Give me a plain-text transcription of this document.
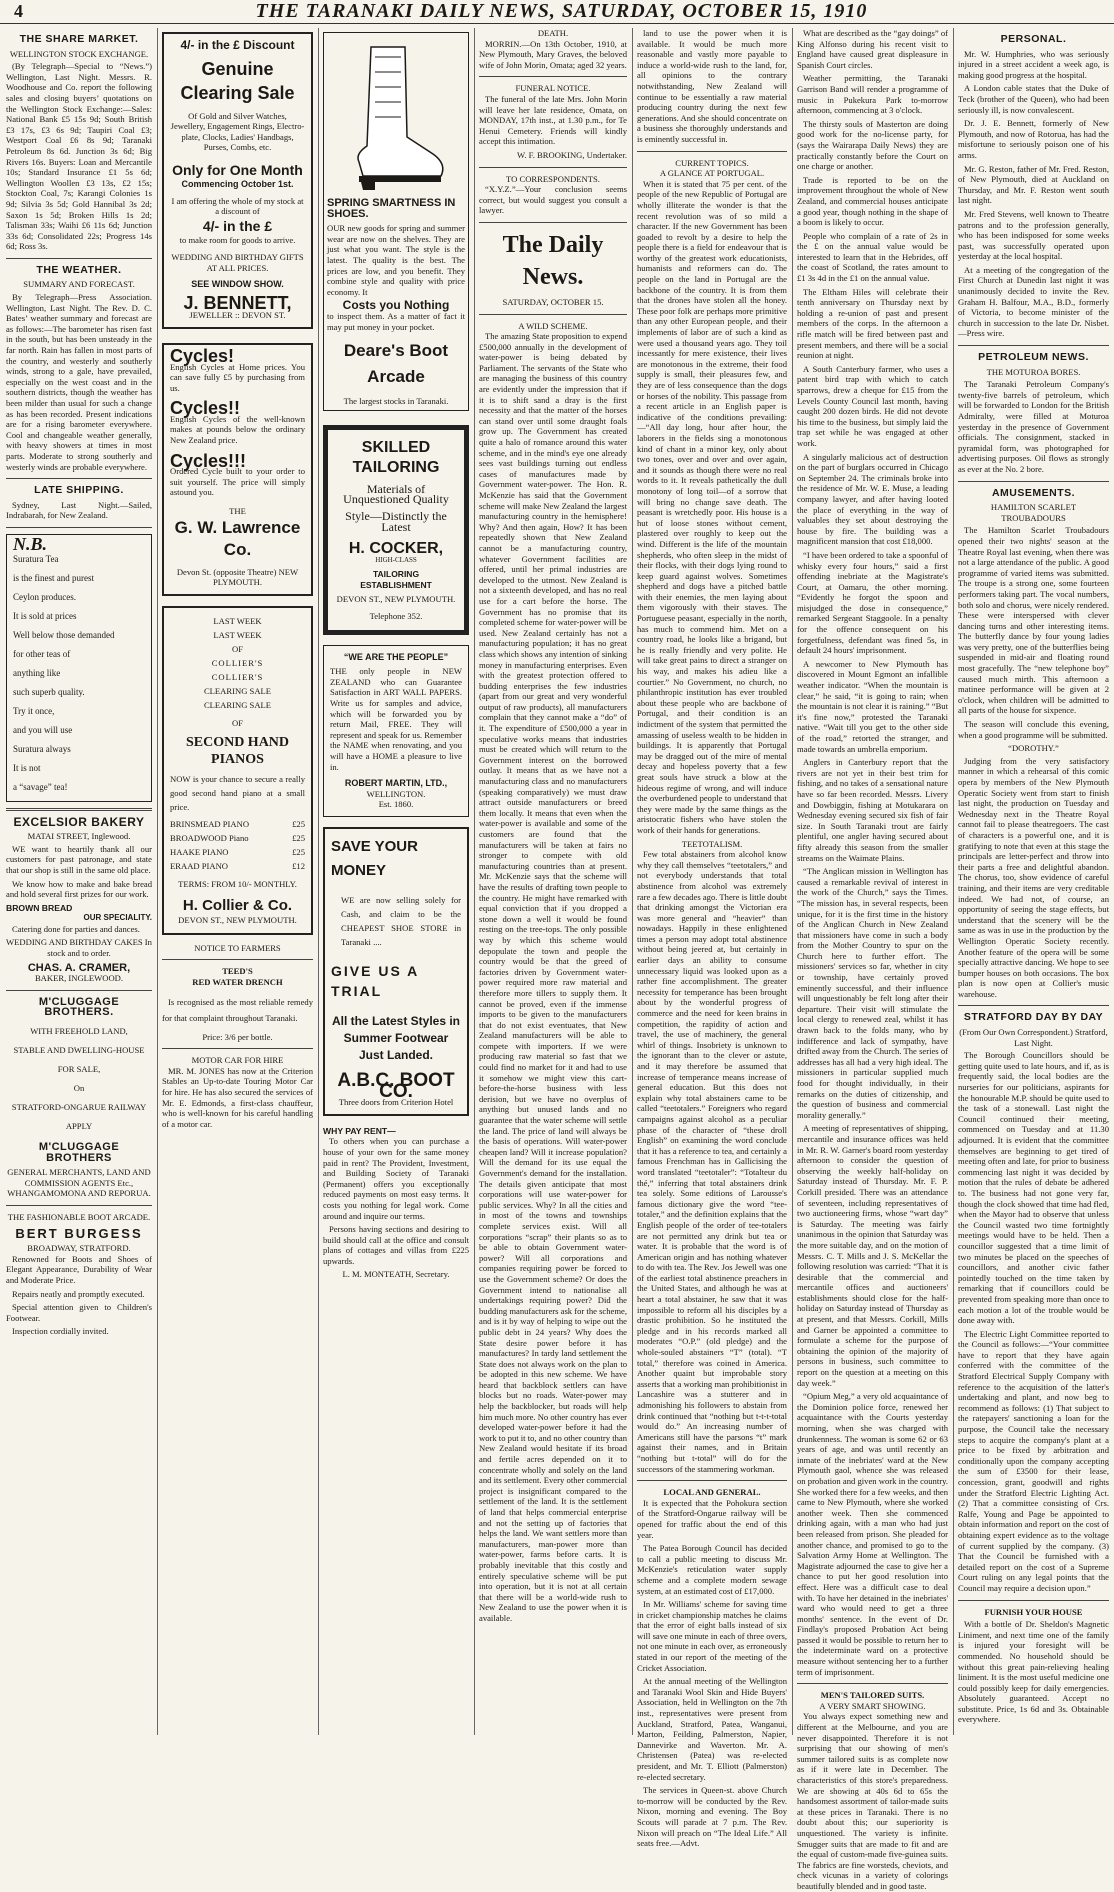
4	THE TARANAKI DAILY NEWS, SATURDAY, OCTOBER 15, 1910
THE SHARE MARKET.
WELLINGTON STOCK EXCHANGE.

(By Telegraph—Special to “News.”) Wellington, Last Night. Messrs. R. Woodhouse and Co. report the following sales and closing buyers’ quotations on the Wellington Stock Exchange:—Sales: National Bank £5 15s 9d; South British £3 17s, £3 6s 9d; Taupiri Coal £3; Westport Coal £6 8s 9d; Taranaki Petroleum 8s 6d. Junction 3s 6d; Big Rivers 16s. Buyers: Loan and Mercantile 10s; Standard Insurance £1 5s 6d; Wellington Woollen £3 13s, £2 15s; Stockton Coal, 7s; Karangi Colonies 1s 9d; Silvia 3s 5d; Gold Hannibal 3s 2d; Saxon 1s 5d; Broken Hills 1s 2d; Talisman 33s; Waihi £6 11s 6d; Junction 33s 6d; Consolidated 22s; Progress 14s 6d; Ross 3s.

THE WEATHER.
SUMMARY AND FORECAST.

By Telegraph—Press Association. Wellington, Last Night. The Rev. D. C. Bates’ weather summary and forecast are as follows:—The barometer has risen fast in the south, but has been unsteady in the far north. Rain has fallen in most parts of the country, and westerly and southerly winds, strong to a gale, have prevailed, especially on the west coast and in the southern districts, though the weather has been milder than usual for such a change as has been recorded. Present indications are for a rising barometer everywhere. Cool and changeable weather generally, with heavy showers at times in most parts. Moderate to strong southerly and westerly winds are probable everywhere.

LATE SHIPPING.

Sydney, Last Night.—Sailed, Indrabarah, for New Zealand.

N.B.
Suratura Tea
is the finest and purest
Ceylon produces.
It is sold at prices
Well below those demanded
for other teas of
anything like
such superb quality.
Try it once,
and you will use
Suratura always
It is not
a “savage” tea!
EXCELSIOR BAKERY
MATAI STREET, Inglewood.

WE want to heartily thank all our customers for past patronage, and state that our shop is still in the same old place.

We know how to make and bake bread and hold several first prizes for our work.

BROWN BREAD
OUR SPECIALITY.

Catering done for parties and dances.

WEDDING AND BIRTHDAY CAKES In stock and to order.
CHAS. A. CRAMER,
BAKER, INGLEWOOD.
M'CLUGGAGE BROTHERS.
WITH FREEHOLD LAND,
STABLE AND DWELLING-HOUSE
FOR SALE,
On
STRATFORD-ONGARUE RAILWAY
APPLY
M'CLUGGAGE BROTHERS
GENERAL MERCHANTS, LAND AND COMMISSION AGENTS Etc., WHANGAMOMONA AND REPORUA.
THE FASHIONABLE BOOT ARCADE.
BERT BURGESS
BROADWAY, STRATFORD.

Renowned for Boots and Shoes of Elegant Appearance, Durability of Wear and Moderate Price.

Repairs neatly and promptly executed.

Special attention given to Children's Footwear.

Inspection cordially invited.

4/- in the £ Discount
Genuine Clearing Sale
Of Gold and Silver Watches, Jewellery, Engagement Rings, Electro-plate, Clocks, Ladies' Handbags, Purses, Combs, etc.
Only for One Month
Commencing October 1st.
I am offering the whole of my stock at a discount of
4/- in the £
to make room for goods to arrive.
WEDDING AND BIRTHDAY GIFTS AT ALL PRICES.
SEE WINDOW SHOW.
J. BENNETT,
JEWELLER :: DEVON ST.
Cycles!

English Cycles at Home prices. You can save fully £5 by purchasing from us.

Cycles!!

English Cycles of the well-known makes at pounds below the ordinary New Zealand price.

Cycles!!!

Ordered Cycle built to your order to suit yourself. The price will simply astound you.

THE
G. W. Lawrence Co.
Devon St. (opposite Theatre) NEW PLYMOUTH.
LAST WEEK
LAST WEEK
OF
COLLIER'S
COLLIER'S
CLEARING SALE
CLEARING SALE
OF
SECOND HAND PIANOS

NOW is your chance to secure a really good second hand piano at a small price.

BRINSMEAD PIANO	£25
BROADWOOD Piano	£25
HAAKE PIANO	£25
ERAAD PIANO	£12
TERMS: FROM 10/- MONTHLY.
H. Collier & Co.
DEVON ST., NEW PLYMOUTH.
NOTICE TO FARMERS
TEED'S
RED WATER DRENCH

Is recognised as the most reliable remedy for that complaint throughout Taranaki.

Price: 3/6 per bottle.
MOTOR CAR FOR HIRE

MR. M. JONES has now at the Criterion Stables an Up-to-date Touring Motor Car for hire. He has also secured the services of Mr. E. Edmonds, a first-class chauffeur, who is well-known for his careful handling of a motor car.

SPRING SMARTNESS IN SHOES.

OUR new goods for spring and summer wear are now on the shelves. They are just what you want. The style is the latest. The quality is the best. The prices are low, and you benefit. They combine style and quality with price economy. It

Costs you Nothing

to inspect them. As a matter of fact it may put money in your pocket.

Deare's Boot Arcade
The largest stocks in Taranaki.
SKILLED TAILORING
Materials of Unquestioned Quality
Style—Distinctly the Latest
H. COCKER,
HIGH-CLASS
TAILORING ESTABLISHMENT
DEVON ST., NEW PLYMOUTH.
Telephone 352.
“WE ARE THE PEOPLE”

THE only people in NEW ZEALAND who can Guarantee Satisfaction in ART WALL PAPERS. Write us for samples and advice, which will be forwarded you by return Mail, FREE. They will represent and speak for us. Remember the NAME when renovating, and you will have a HOME a pleasure to live in.

ROBERT MARTIN, LTD.,
WELLINGTON.
Est. 1860.
SAVE YOUR MONEY

WE are now selling solely for Cash, and claim to be the CHEAPEST SHOE STORE in Taranaki ....

GIVE US A TRIAL
All the Latest Styles in Summer Footwear Just Landed.
A.B.C. BOOT CO.
Three doors from Criterion Hotel
WHY PAY RENT—

To others when you can purchase a house of your own for the same money paid in rent? The Provident, Investment, and Building Society of Taranaki (Permanent) offers you exceptionally reduced payments on most easy terms. It costs you nothing for legal work. Come around and inquire our terms.

Persons having sections and desiring to build should call at the office and consult plans of cottages and villas from £225 upwards.

L. M. MONTEATH, Secretary.
DEATH.

MORRIN.—On 13th October, 1910, at New Plymouth, Mary Graves, the beloved wife of John Morin, Omata; aged 32 years.

FUNERAL NOTICE.

The funeral of the late Mrs. John Morin will leave her late residence, Omata, on MONDAY, 17th inst., at 1.30 p.m., for Te Henui Cemetery. Friends will kindly accept this intimation.

W. F. BROOKING, Undertaker.
TO CORRESPONDENTS.

“X.Y.Z.”—Your conclusion seems correct, but would suggest you consult a lawyer.

The Daily News.
SATURDAY, OCTOBER 15.
A WILD SCHEME.

The amazing State proposition to expend £500,000 annually in the development of water-power is being debated by Parliament. The servants of the State who are managing the business of this country are evidently under the impression that if it is to shift sand a dray is the first necessity and that the matter of the horses can stand over until some draught foals grow up. The Government has created quite a halo of romance around this water scheme, and in the mind's eye one already sees vast buildings turning out endless cases of manufactures made by Government water-power. The Hon. R. McKenzie has said that the Government scheme will make New Zealand the largest manufacturing country in the hemisphere! Why? And then again, How? It has been repeatedly shown that New Zealand cannot be a manufacturing country, whatever Government facilities are offered, until her primal industries are developed to the utmost. New Zealand is not a sixteenth developed, and has no real use for a cart before the horse. The Government has no promise that its completed scheme for water-power will be used. New Zealand certainly has not a manufacturing population; it has no great class which shows any intention of sinking money in manufacturing enterprises. Even with the greatest protection offered to budding enterprises the few industries (apart from our great and very wonderful output of raw products), all manufacturers complain that they cannot make a “do” of it. The expenditure of £500,000 a year in speculative works means that industries must be created which will return to the Government interest on the borrowed outlay. It means that as we have not a manufacturing class and no manufacturers (speaking comparatively) we must draw attract outside manufacturers or breed them locally. It means that even when the water-power is available and some of the customers are found that the manufacturers will be taken at fairs no stronger to compete with old manufacturing countries than at present. Mr. McKenzie says that the scheme will have the results of drafting town people to the country. He might have remarked with equal conviction that if you dropped a stone down a well it would be found resting on the tree-tops. The only possible way by which this scheme would depopulate the town and people the country would be that the greed of factories driven by Government water-power required more raw material and therefore more tillers to supply them. It cannot be proved, even if the immense imports to be given to the manufacturers that do not exist eventuates, that New Zealand manufacturers will be able to compete with importers. If we were producing raw material so fast that we could find no market for it and had to use it somehow we might view this cart-before-the-horse business with less derision, but we have no overplus of anything but unused lands and no guarantee that the water scheme will settle the land. The price of land will always be the basis of operations. Will water-power cheapen land? Will it increase population? Will the demand for its use equal the Government's demand for the installation. The details given anticipate that most corporations will use water-power for public services. Why? In all the cities and in most of the towns and townships complete services exist. Will all corporations “scrap” their plants so as to be able to obtain Government water-power? Will all corporations and companies requiring power be forced to use the Government scheme? Or does the Government intend to nationalise all undertakings requiring power? Did the budding manufacturers ask for the scheme, and is it by way of helping to wipe out the public debt in 24 years? Why does the State desire power before it has manufactures? In tardy land settlement the State does not always work on the plan to be adopted in this new scheme. We have heard that backblock settlers can have blocks but no roads. Water-power may help the backblocker, but roads will help him much more. No other country has ever developed water-power before it had the work to put it to, and no other country than New Zealand would hesitate if its broad and fertile acres depended on it to concentrate wholly and solely on the land and its settlement. Every other commercial project is insignificant compared to the settlement of the land. It is the settlement of land that helps commercial enterprise and not the setting up of factories that helps the land. We want settlers more than manufacturers, man-power more than water-power, farms before carts. It is probably inevitable that this costly and entirely speculative scheme will be put into operation, but it is not at all certain that there will be a world-wide rush to New Zealand to use the power when it is available.

land to use the power when it is available. It would be much more reasonable and vastly more payable to induce a world-wide rush to the land, for, all opinions to the contrary notwithstanding, New Zealand will continue to be essentially a raw material producing country during the next few generations. And she should concentrate on a business she thoroughly understands and is eminently successful in.

CURRENT TOPICS.
A GLANCE AT PORTUGAL.

When it is stated that 75 per cent. of the people of the new Republic of Portugal are wholly illiterate the wonder is that the recent revolution was of so mild a character. If the new Government has been goaded to revolt by a desire to help the people there is a field for endeavour that is worthy of the greatest work educationists, humanists and reformers can do. The people on the land in Portugal are the backbone of the country. It is from them that the drones have stolen all the honey. These poor folk are perhaps more primitive than any other European people, and their implements of labor are of such a kind as were used a thousand years ago. They toil incessantly for mere existence, their lives are monotonous in the extreme, their food supply is small, their pleasures few, and they are of less consequence than the dogs or horses of the nobility. This passage from a recent article in an English paper is indicative of the conditions prevailing:—“All day long, hour after hour, the laborers in the fields sing a monotonous kind of chant in a minor key, only about two tones, over and over and over again, and it sounds as though there were no real words to it. It reveals pathetically the dull monotony of long toil—of a sorrow that will bring no change save death. The peasant is wretchedly poor. His house is a hut of loose stones without cement, plastered over roughly to keep out the wind. Different is the life of the mountain shepherds, who often sleep in the midst of their flocks, with their dogs lying round to keep guard against wolves. Sometimes shepherd and dogs have a pitched battle with their enemies, the men laying about them vigorously with their staves. The Portuguese peasant, especially in the north, has much to commend him. Met on a country road, he looks like a brigand, but he is really friendly and very polite. He will take great pains to direct a stranger on his way, and makes his adieu like a courtier.” No Government, no church, no philanthropic institution has ever troubled about these people who are backbone of Portugal, and their condition is an indictment of the system that permitted the amassing of useless wealth to be hidden in buildings. It is apparently that Portugal may be dragged out of the mire of mental decay and hopeless poverty that a few great souls have struck a blow at the hideous regime of wrong, and will induce the overburdened people to understand that they were made by the same things as the aristocratic fishers who have stolen the work of their hands for generations.

TEETOTALISM.

Few total abstainers from alcohol know why they call themselves “teetotalers,” and not everybody understands that total abstinence from alcohol was extremely rare a few decades ago. There is little doubt that drinking amongst the Victorian era was more general and “heavier” than nowadays. Happily in these enlightened times a person may adopt total abstinence without being jeered at, but certainly in earlier days an ability to consume unnecessary liquid was looked upon as a rather fine accomplishment. The greater necessity for temperance has been brought about by the wonderful progress of commerce and the need for keen brains in competition, the rapidity of action and travel, the use of machinery, the general whirl of things. Insobriety is unknown to the ignorant than to the clever or astute, and it may therefore be assumed that increase of temperance means increase of general education. But this does not explain why total abstainers came to be called “teetotalers.” Foreigners who regard campaigns against alcohol as a peculiar phase of the character of “these droll English” on examining the word conclude that it has a reference to tea, and certainly a famous Frenchman has in Gallicising the word translated “teetotaler”: “Totalteur du thé,” inferring that total abstainers drink tea solely. Some editions of Larousse's famous dictionary give the word “tee-totaler,” and the definition explains that the English people of the order of tee-totalers are not permitted any drink but tea or water. It is probable that the word is of American origin and has nothing whatever to do with tea. The Rev. Jos Jewell was one of the earliest total abstinence preachers in the United States, and although he was at heart a total abstainer, he saw that it was impossible to reform all his disciples by a drastic prohibition. So he instituted the pledge and in his records marked all moderates “O.P.” (old pledge) and the whole-souled abstainers “T” (total). “T total,” therefore was coined in America. Another quaint but improbable story asserts that a working man prohibitionist in Lancashire was a stutterer and in admonishing his followers to abstain from drink continued that “nothing but t-t-t-total would do.” An increasing number of Americans still have the parsons “t” mark against their names, and in Britain “nothing but t-total” will do for the successors of the stammering workman.

LOCAL AND GENERAL.

It is expected that the Pohokura section of the Stratford-Ongarue railway will be opened for traffic about the end of this year.

The Patea Borough Council has decided to call a public meeting to discuss Mr. McKenzie's reticulation water supply scheme and a complete modern sewage system, at an estimated cost of £17,000.

In Mr. Williams' scheme for saving time in cricket championship matches he claims that the error of eight balls instead of six will save one minute in each of three overs, not one minute in each over, as erroneously stated in our report of the meeting of the Cricket Association.

At the annual meeting of the Wellington and Taranaki Wool Skin and Hide Buyers' Association, held in Wellington on the 7th inst., representatives were present from Auckland, Stratford, Patea, Wanganui, Marton, Feilding, Palmerston, Napier, Dannevirke and Waverton. Mr. A. Christensen (Patea) was re-elected president, and Mr. T. Elliott (Palmerston) re-elected secretary.

The services in Queen-st. above Church to-morrow will be conducted by the Rev. Nixon, morning and evening. The Boy Scouts will parade at 7 p.m. The Rev. Nixon will preach on “The Ideal Life.” All seats free.—Advt.

What are described as the “gay doings” of King Alfonso during his recent visit to England have caused great displeasure in Spanish Court circles.

Weather permitting, the Taranaki Garrison Band will render a programme of music in Pukekura Park to-morrow afternoon, commencing at 3 o'clock.

The thirsty souls of Masterton are doing good work for the no-license party, for (says the Wairarapa Daily News) they are practically constantly before the Court on one charge or another.

Trade is reported to be on the improvement throughout the whole of New Zealand, and commercial houses anticipate a good year, though nothing in the shape of a boom is likely to occur.

People who complain of a rate of 2s in the £ on the annual value would be interested to learn that in the Hebrides, off the coast of Scotland, the rates amount to £1 3s 4d in the £1 on the annual value.

The Eltham Hiles will celebrate their tenth anniversary on Thursday next by holding a re-union of past and present members of the corps. In the afternoon a rifle match will be fired between past and present members, and there will be a social reunion at night.

A South Canterbury farmer, who uses a patent bird trap with which to catch sparrows, drew a cheque for £15 from the Levels County Council last month, having caught 200 dozen birds. He did not devote his time to the business, but simply laid the trap set while he was engaged at other work.

A singularly malicious act of destruction on the part of burglars occurred in Chicago on September 24. The criminals broke into the residence of Mr. W. E. Muse, a leading company lawyer, and after having looted the place of everything in the way of valuables they set about destroying the house by fire. The building was a magnificent mansion that cost £18,000.

“I have been ordered to take a spoonful of whisky every four hours,” said a first offending inebriate at the Magistrate's Court, at Oamaru, the other morning. “Evidently he forgot the spoon and misjudged the dose in consequence,” remarked Sergeant Staggoole. In a penalty for the offence consequent on his forgetfulness, defendant was fined 5s, in default 24 hours' imprisonment.

A newcomer to New Plymouth has discovered in Mount Egmont an infallible weather indicator. “When the mountain is clear,” he said, “it is going to rain; when the mountain is not clear it is raining.” “But it's fine now,” protested the Taranaki native. “Wait till you get to the other side of the road,” retorted the stranger, and made towards an umbrella emporium.

Anglers in Canterbury report that the rivers are not yet in their best trim for fishing, and no takes of a sensational nature have so far been recorded. Messrs. Livery and Dowbiggin, fishing at Motukarara on Wednesday evening secured six fish of fair size. In South Taranaki trout are fairly plentiful, one angler having secured about fifty already this season from the smaller streams on the Waimate Plains.

“The Anglican mission in Wellington has caused a remarkable revival of interest in the work of the Church,” says the Times. “The mission has, in several respects, been unique, for it is the first time in the history of the Anglican Church in New Zealand that missioners have come in such a body from the Mother Country to spur on the Church here to further effort. The missioners' services so far, whether in city or township, have certainly proved eminently successful, and their influence will unquestionably be felt long after their departure. Their visit will stimulate the local clergy to renewed zeal, whilst it has drawn back to the folds many, who by indifference and lack of sympathy, have drifted away from the Church. The series of addresses has all had a very high ideal. The missioners in particular supplied much food for thought individually, in their remarks on the duties of citizenship, and the question of business and commercial morality generally.”

A meeting of representatives of shipping, mercantile and insurance offices was held in Mr. R. W. Garner's board room yesterday afternoon to consider the question of observing the weekly half-holiday on Saturday instead of Thursday. Mr. F. P. Corkill presided. There was an attendance of seventeen, including representatives of two auctioneering firms, whose “wart day” is Saturday. The meeting was fairly unanimous in the opinion that Saturday was the more suitable day, and on the motion of Messrs. C. T. Mills and J. S. McKellar the following resolution was carried: “That it is desirable that the commercial and mercantile offices and auctioneers' establishments should close for the half-holiday on Saturday instead of Thursday as at present, and that Messrs. Corkill, Mills and Garner be appointed a committee to formulate a scheme for the purpose of obtaining the opinion of the majority of persons in business, such committee to report on the question at a meeting on this day week.”

“Opium Meg,” a very old acquaintance of the Dominion police force, renewed her acquaintance with the Courts yesterday morning, when she was charged with drunkenness. The woman is some 62 or 63 years of age, and was until recently an inmate of the inebriates' ward at the New Plymouth gaol, whence she was released on probation and given work in the country. She worked there for a few weeks, and then came to New Plymouth, where she worked another week. Then she commenced drinking again, with a man who had just been released from prison. She pleaded for another chance, and promised to go to the Salvation Army Home at Wellington. The Magistrate adjourned the case to give her a chance to put her good resolution into effect. Here was a difficult case to deal with. To have her detained in the inebriates' ward who would need to get a three months' sentence. In the event of Dr. Findlay's proposed Probation Act being passed it would be possible to return her to the indeterminate ward on a protective measure without sentencing her to a further term of imprisonment.

MEN'S TAILORED SUITS.
A VERY SMART SHOWING.

You always expect something new and different at the Melbourne, and you are never disappointed. Therefore it is not surprising that our showing of men's summer tailored suits is as complete now as if it were late in December. The characteristics of this store's preparedness. We are showing at 40s 6d to 65s the handsomest assortment of tailor-made suits at these prices in Taranaki. There is no doubt about this; our superiority is unquestioned. The variety is infinite. Smugger suits that are made to fit and are the equal of custom-made five-guinea suits. The fabrics are fine worsteds, cheviots, and check vicunas in a variety of colorings beautifully blended and in good taste.

PERSONAL.

Mr. W. Humphries, who was seriously injured in a street accident a week ago, is making good progress at the hospital.

A London cable states that the Duke of Teck (brother of the Queen), who had been seriously ill, is now convalescent.

Dr. J. E. Bennett, formerly of New Plymouth, and now of Rotorua, has had the misfortune to seriously poison one of his arms.

Mr. G. Reston, father of Mr. Fred. Reston, of New Plymouth, died at Auckland on Thursday, and Mr. F. Reston went south last night.

Mr. Fred Stevens, well known to Theatre patrons and to the profession generally, who has been indisposed for some weeks past, was successfully operated upon yesterday at the local hospital.

At a meeting of the congregation of the First Church at Dunedin last night it was unanimously decided to invite the Rev. Graham H. Balfour, M.A., B.D., formerly of Victoria, to become minister of the church in succession to the late Dr. Nisbet.—Press wire.

PETROLEUM NEWS.
THE MOTUROA BORES.

The Taranaki Petroleum Company's twenty-five barrels of petroleum, which will be forwarded to London for the British Admiralty, were filled at Moturoa yesterday in the presence of Government officials. The consignment, stacked in pyramidal form, was photographed for advertising purposes. Oil flows as strongly as ever at the No. 2 bore.

AMUSEMENTS.
HAMILTON SCARLET TROUBADOURS

The Hamilton Scarlet Troubadours opened their two nights' season at the Theatre Royal last evening, when there was not a large attendance of the public. A good programme of varied items was submitted. The troupe is a strong one, some fourteen performers taking part. The vocal numbers, both solo and chorus, were nicely rendered. These were interspersed with clever dancing turns and other interesting items. The butterfly dance by four young ladies was very pretty, one of the butterflies being suspended in mid-air and floating round most gracefully. The “new telephone boy” caused much mirth. This afternoon a matinee performance will be given at 2 o'clock, when children will be admitted to all parts of the house for sixpence.

The season will conclude this evening, when a good programme will be submitted.

“DOROTHY.”

Judging from the very satisfactory manner in which a rehearsal of this comic opera by members of the New Plymouth Operatic Society went from start to finish last night, the production on Tuesday and Wednesday next in the Theatre Royal cannot fail to please theatregoers. The cast of characters is a powerful one, and it is gratifying to note that even at this stage the principals are letter-perfect and throw into their parts a free and delightful abandon. The chorus, too, show evidence of careful training, and their items are very creditable indeed. We had not, of course, an opportunity of seeing the stage effects, but understand that the scenery will be the same as was in use in the production by the Wellington Operatic Society recently. Another feature of the opera will be some specially attractive dancing. We hope to see bumper houses on both occasions. The box plan is now open at Collier's music warehouse.

STRATFORD DAY BY DAY
(From Our Own Correspondent.) Stratford, Last Night.

The Borough Councillors should be getting quite used to late hours, and if, as is frequently said, the local bodies are the nurseries for our politicians, aspirants for the honourable M.P. should be quite used to the task of a stonewall. Last night the Council continued their meeting, commenced on Tuesday and at 11.30 adjourned. It is evident that the committee themselves are beginning to get tired of meeting often and late, for prior to business commencing last night it was decided by motion that the rules of debate be adhered to. The business had not gone very far, though the clock showed that time had fled, when the Mayor had to observe that unless the Council wasted two time fortnightly meetings would have to be held. Then a councillor suggested that a time limit of two minutes be placed on the speeches of councillors, and another civic father pointedly touched on the time taken by remarking that if councillors could be prevented from speaking more than once to each motion a lot of the trouble would be done away with.

The Electric Light Committee reported to the Council as follows:—“Your committee have to report that they have again conferred with the committee of the Stratford Electrical Supply Company with reference to the acquisition of the latter's undertaking and plant, and now beg to recommend as follows: (1) That subject to the ratepayers' sanctioning a loan for the purpose, the Council take the necessary steps to acquire the company's plant at a price to be fixed by arbitration and conditionally upon the company accepting the sum of £3500 for their lease, concession, grant, goodwill and rights under the Stratford Electric Lighting Act. (2) That a committee consisting of Crs. Ralfe, Young and Page be appointed to obtain information and report on the cost of obtaining expert evidence as to the voltage of current supplied by the company. (3) That the Council be furnished with a detailed report on the cost of a Supreme Court ruling on any legal points that the Council may require a decision upon.”

FURNISH YOUR HOUSE

With a bottle of Dr. Sheldon's Magnetic Liniment, and next time one of the family is injured your foresight will be commended. No household should be without this great pain-relieving healing liniment. It is the most useful medicine one could possibly keep for daily emergencies. Absolutely guaranteed. Accept no substitute. Price, 1s 6d and 3s. Obtainable everywhere.
